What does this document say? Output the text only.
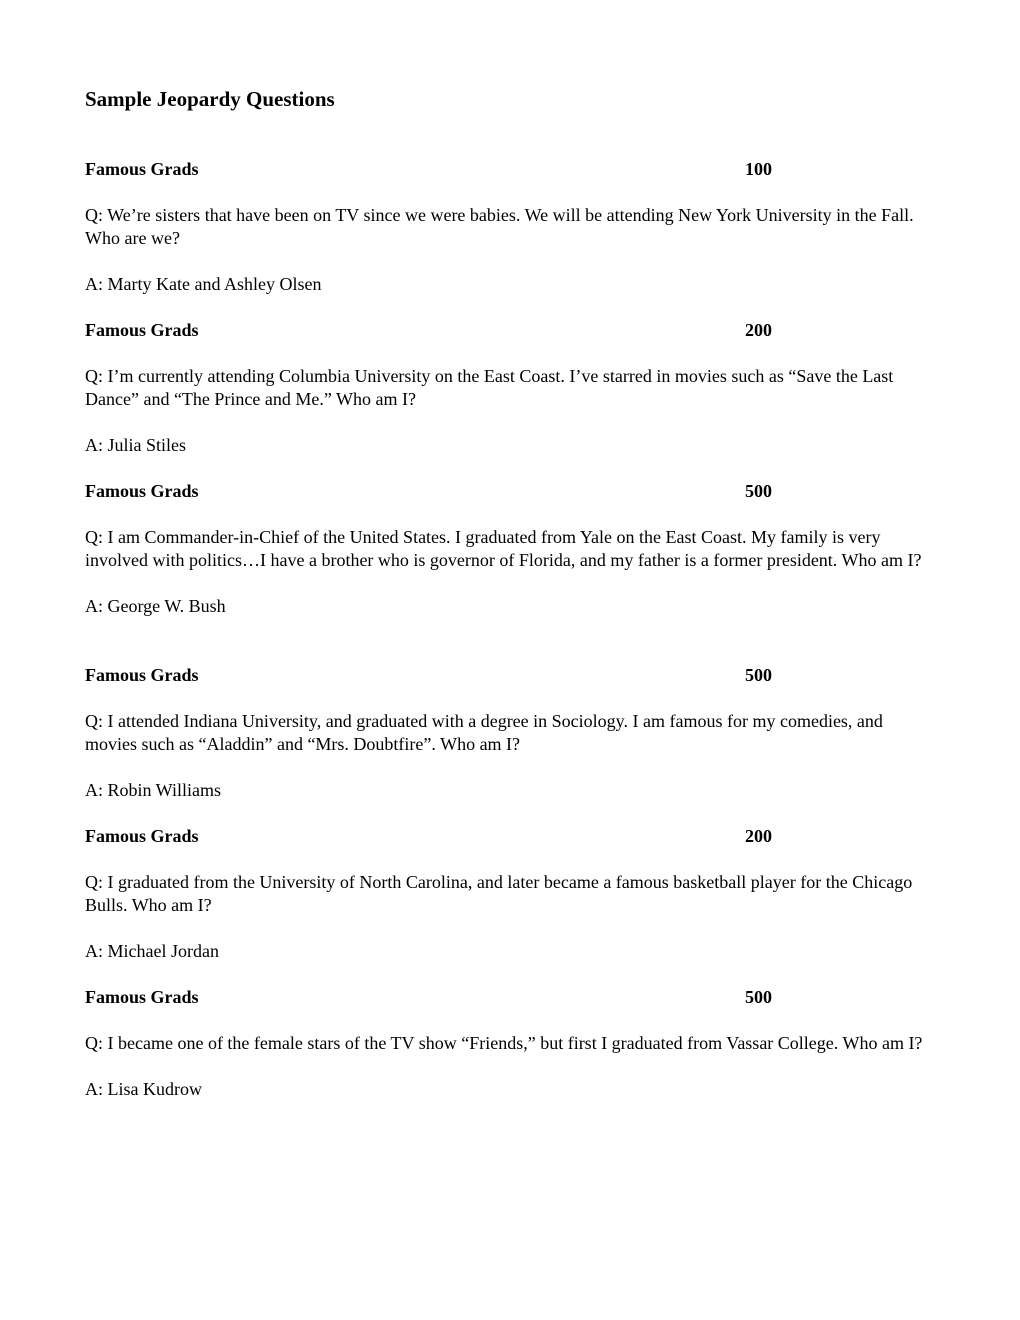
Sample Jeopardy Questions
Famous Grads	100
Q: We’re sisters that have been on TV since we were babies. We will be attending New York University in the Fall. Who are we?
A: Marty Kate and Ashley Olsen
Famous Grads	200
Q: I’m currently attending Columbia University on the East Coast. I’ve starred in movies such as “Save the Last Dance” and “The Prince and Me.” Who am I?
A: Julia Stiles
Famous Grads	500
Q: I am Commander-in-Chief of the United States. I graduated from Yale on the East Coast. My family is very involved with politics…I have a brother who is governor of Florida, and my father is a former president. Who am I?
A: George W. Bush
Famous Grads	500
Q: I attended Indiana University, and graduated with a degree in Sociology. I am famous for my comedies, and movies such as “Aladdin” and “Mrs. Doubtfire”. Who am I?
A: Robin Williams
Famous Grads	200
Q: I graduated from the University of North Carolina, and later became a famous basketball player for the Chicago Bulls. Who am I?
A: Michael Jordan
Famous Grads	500
Q: I became one of the female stars of the TV show “Friends,” but first I graduated from Vassar College. Who am I?
A: Lisa Kudrow
